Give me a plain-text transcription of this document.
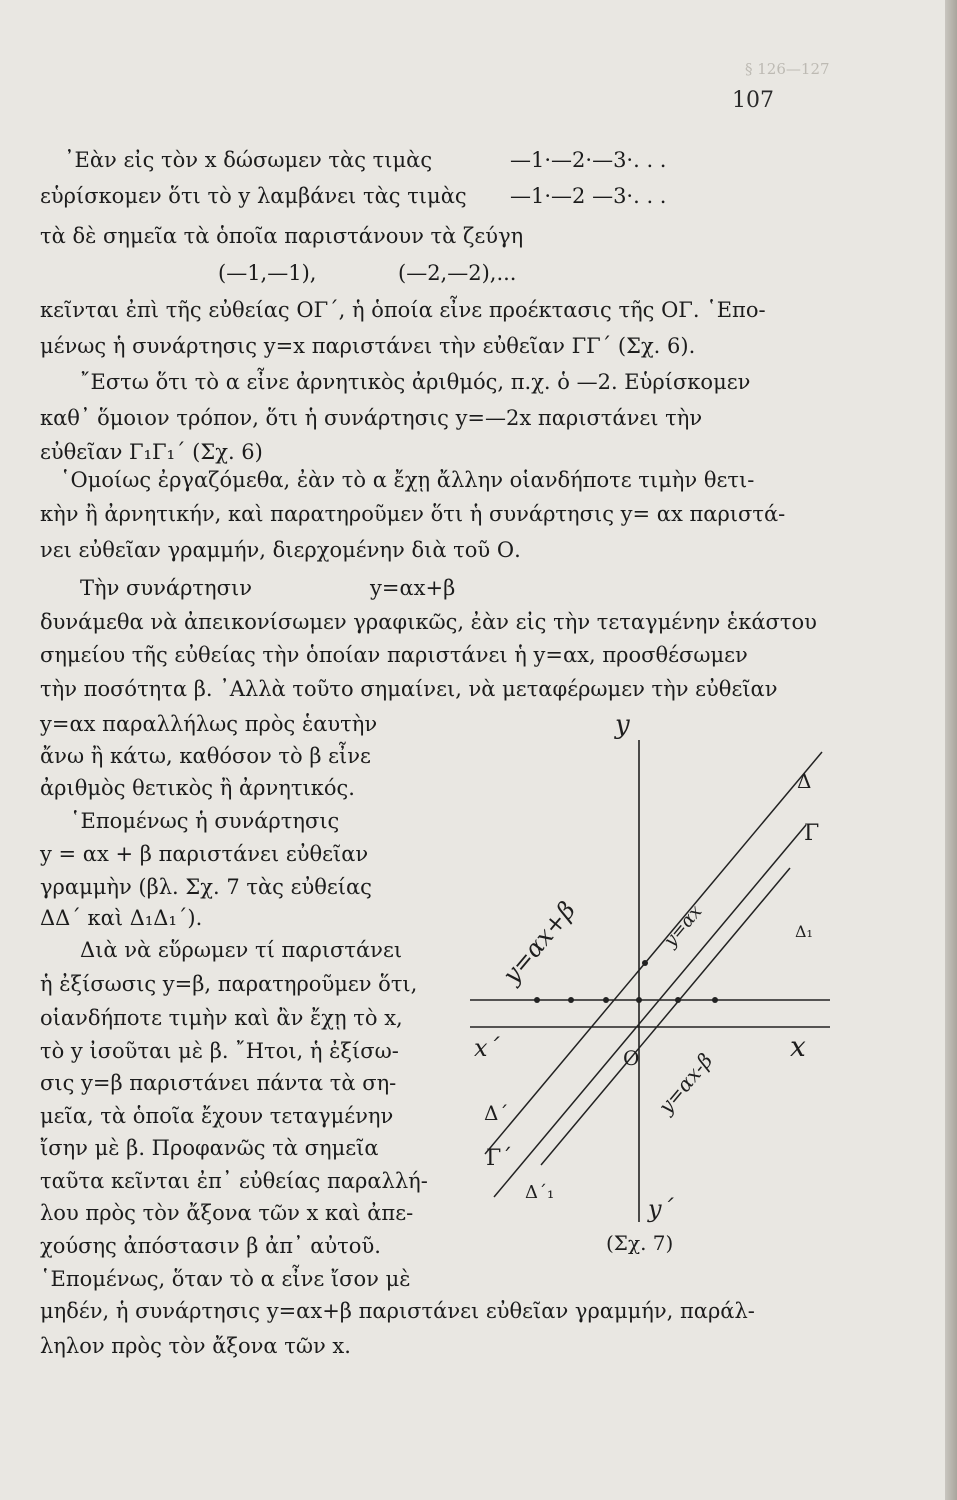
§ 126—127
107
᾿Εὰν εἰς τὸν x δώσωμεν τὰς τιμὰς	—1·—2·—3·. . .
εὑρίσκομεν ὅτι τὸ y λαμβάνει τὰς τιμὰς —1·—2 —3·. . .
τὰ δὲ σημεῖα τὰ ὁποῖα παριστάνουν τὰ ζεύγη
(—1,—1),	(—2,—2),...
κεῖνται ἐπὶ τῆς εὐθείας ΟΓ΄, ἡ ὁποία εἶνε προέκτασις τῆς ΟΓ. ῾Επο-
μένως ἡ συνάρτησις y=x παριστάνει τὴν εὐθεῖαν ΓΓ΄ (Σχ. 6).
῎Εστω ὅτι τὸ α εἶνε ἀρνητικὸς ἀριθμός, π.χ. ὁ —2. Εὑρίσκομεν
καθ᾿ ὅμοιον τρόπον, ὅτι ἡ συνάρτησις y=—2x παριστάνει τὴν
εὐθεῖαν Γ₁Γ₁΄ (Σχ. 6)
῾Ομοίως ἐργαζόμεθα, ἐὰν τὸ α ἔχῃ ἄλλην οἱανδήποτε τιμὴν θετι-
κὴν ἢ ἀρνητικήν, καὶ παρατηροῦμεν ὅτι ἡ συνάρτησις y= αx παριστά-
νει εὐθεῖαν γραμμήν, διερχομένην διὰ τοῦ Ο.
Τὴν συνάρτησιν	y=αx+β
δυνάμεθα νὰ ἀπεικονίσωμεν γραφικῶς, ἐὰν εἰς τὴν τεταγμένην ἑκάστου
σημείου τῆς εὐθείας τὴν ὁποίαν παριστάνει ἡ y=αx, προσθέσωμεν
τὴν ποσότητα β. ᾿Αλλὰ τοῦτο σημαίνει, νὰ μεταφέρωμεν τὴν εὐθεῖαν
y=αx παραλλήλως πρὸς ἑαυτὴν
ἄνω ἢ κάτω, καθόσον τὸ β εἶνε
ἀριθμὸς θετικὸς ἢ ἀρνητικός.
῾Επομένως ἡ συνάρτησις
y = αx + β παριστάνει εὐθεῖαν
γραμμὴν (βλ. Σχ. 7 τὰς εὐθείας
ΔΔ΄ καὶ Δ₁Δ₁΄).
Διὰ νὰ εὕρωμεν τί παριστάνει
ἡ ἐξίσωσις y=β, παρατηροῦμεν ὅτι,
οἱανδήποτε τιμὴν καὶ ἂν ἔχῃ τὸ x,
τὸ y ἰσοῦται μὲ β. ῎Ητοι, ἡ ἐξίσω-
σις y=β παριστάνει πάντα τὰ ση-
μεῖα, τὰ ὁποῖα ἔχουν τεταγμένην
ἴσην μὲ β. Προφανῶς τὰ σημεῖα
ταῦτα κεῖνται ἐπ᾿ εὐθείας παραλλή-
λου πρὸς τὸν ἄξονα τῶν x καὶ ἀπε-
χούσης ἀπόστασιν β ἀπ᾿ αὐτοῦ.
῾Επομένως, ὅταν τὸ α εἶνε ἴσον μὲ
μηδέν, ἡ συνάρτησις y=αx+β παριστάνει εὐθεῖαν γραμμήν, παράλ-
ληλον πρὸς τὸν ἄξονα τῶν x.
y
y΄
x
x΄	O
Δ
Δ΄
Γ
Γ΄
Δ₁
Δ΄₁
y=αx+β	y=αx
y=αx-β
(Σχ. 7)
